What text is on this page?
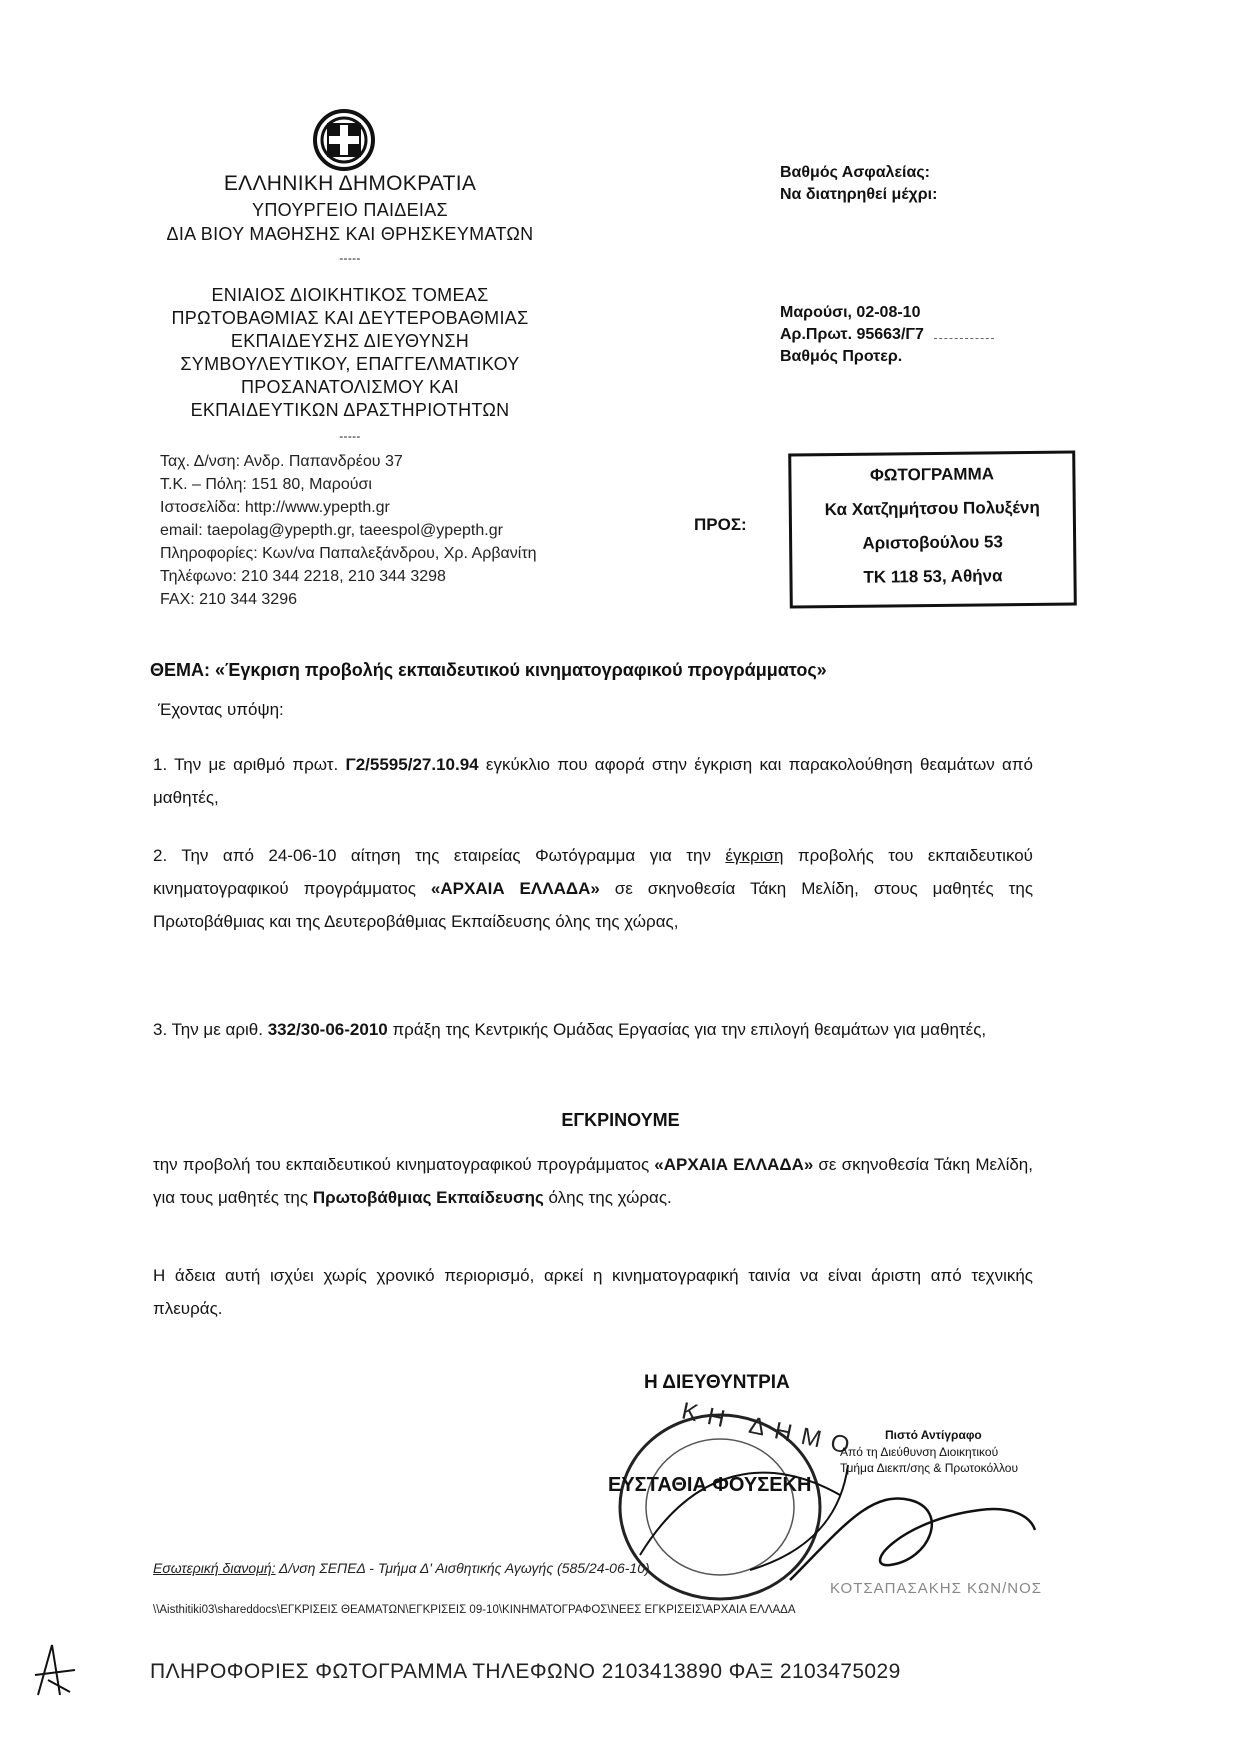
ΕΛΛΗΝΙΚΗ ΔΗΜΟΚΡΑΤΙΑ
ΥΠΟΥΡΓΕΙΟ ΠΑΙΔΕΙΑΣ
ΔΙΑ ΒΙΟΥ ΜΑΘΗΣΗΣ ΚΑΙ ΘΡΗΣΚΕΥΜΑΤΩΝ
-----
ΕΝΙΑΙΟΣ ΔΙΟΙΚΗΤΙΚΟΣ ΤΟΜΕΑΣ
ΠΡΩΤΟΒΑΘΜΙΑΣ ΚΑΙ ΔΕΥΤΕΡΟΒΑΘΜΙΑΣ
ΕΚΠΑΙΔΕΥΣΗΣ ΔΙΕΥΘΥΝΣΗ
ΣΥΜΒΟΥΛΕΥΤΙΚΟΥ, ΕΠΑΓΓΕΛΜΑΤΙΚΟΥ
ΠΡΟΣΑΝΑΤΟΛΙΣΜΟΥ ΚΑΙ
ΕΚΠΑΙΔΕΥΤΙΚΩΝ ΔΡΑΣΤΗΡΙΟΤΗΤΩΝ
-----
Ταχ. Δ/νση: Ανδρ. Παπανδρέου 37
Τ.Κ. – Πόλη: 151 80, Μαρούσι
Ιστοσελίδα: http://www.ypepth.gr
email: taepolag@ypepth.gr, taeespol@ypepth.gr
Πληροφορίες: Κων/να Παπαλεξάνδρου, Χρ. Αρβανίτη
Τηλέφωνο: 210 344 2218, 210 344 3298
FAX: 210 344 3296
Βαθμός Ασφαλείας:
Να διατηρηθεί μέχρι:
Μαρούσι, 02-08-10
Αρ.Πρωτ. 95663/Γ7
Βαθμός Προτερ.
ΠΡΟΣ:
ΦΩΤΟΓΡΑΜΜΑ
Κα Χατζημήτσου Πολυξένη
Αριστοβούλου 53
ΤΚ 118 53, Αθήνα
ΘΕΜΑ: «Έγκριση προβολής εκπαιδευτικού κινηματογραφικού προγράμματος»
Έχοντας υπόψη:
1. Την με αριθμό πρωτ. Γ2/5595/27.10.94 εγκύκλιο που αφορά στην έγκριση και παρακολούθηση θεαμάτων από μαθητές,
2. Την από 24-06-10 αίτηση της εταιρείας Φωτόγραμμα για την έγκριση προβολής του εκπαιδευτικού κινηματογραφικού προγράμματος «ΑΡΧΑΙΑ ΕΛΛΑΔΑ» σε σκηνοθεσία Τάκη Μελίδη, στους μαθητές της Πρωτοβάθμιας και της Δευτεροβάθμιας Εκπαίδευσης όλης της χώρας,
3. Την με αριθ. 332/30-06-2010 πράξη της Κεντρικής Ομάδας Εργασίας για την επιλογή θεαμάτων για μαθητές,
ΕΓΚΡΙΝΟΥΜΕ
την προβολή του εκπαιδευτικού κινηματογραφικού προγράμματος «ΑΡΧΑΙΑ ΕΛΛΑΔΑ» σε σκηνοθεσία Τάκη Μελίδη, για τους μαθητές της Πρωτοβάθμιας Εκπαίδευσης όλης της χώρας.
Η άδεια αυτή ισχύει χωρίς χρονικό περιορισμό, αρκεί η κινηματογραφική ταινία να είναι άριστη από τεχνικής πλευράς.
Η ΔΙΕΥΘΥΝΤΡΙΑ
ΚΗ ΔΗΜΟ
ΕΥΣΤΑΘΙΑ ΦΟΥΣΕΚΗ
Πιστό Αντίγραφο
Από τη Διεύθυνση Διοικητικού
Τμήμα Διεκπ/σης & Πρωτοκόλλου
ΚΟΤΣΑΠΑΣΑΚΗΣ ΚΩΝ/ΝΟΣ
Εσωτερική διανομή: Δ/νση ΣΕΠΕΔ - Τμήμα Δ' Αισθητικής Αγωγής (585/24-06-10)
\\Aisthitiki03\shareddocs\ΕΓΚΡΙΣΕΙΣ ΘΕΑΜΑΤΩΝ\ΕΓΚΡΙΣΕΙΣ 09-10\ΚΙΝΗΜΑΤΟΓΡΑΦΟΣ\ΝΕΕΣ ΕΓΚΡΙΣΕΙΣ\ΑΡΧΑΙΑ ΕΛΛΑΔΑ
ΠΛΗΡΟΦΟΡΙΕΣ ΦΩΤΟΓΡΑΜΜΑ ΤΗΛΕΦΩΝΟ 2103413890 ΦΑΞ 2103475029
